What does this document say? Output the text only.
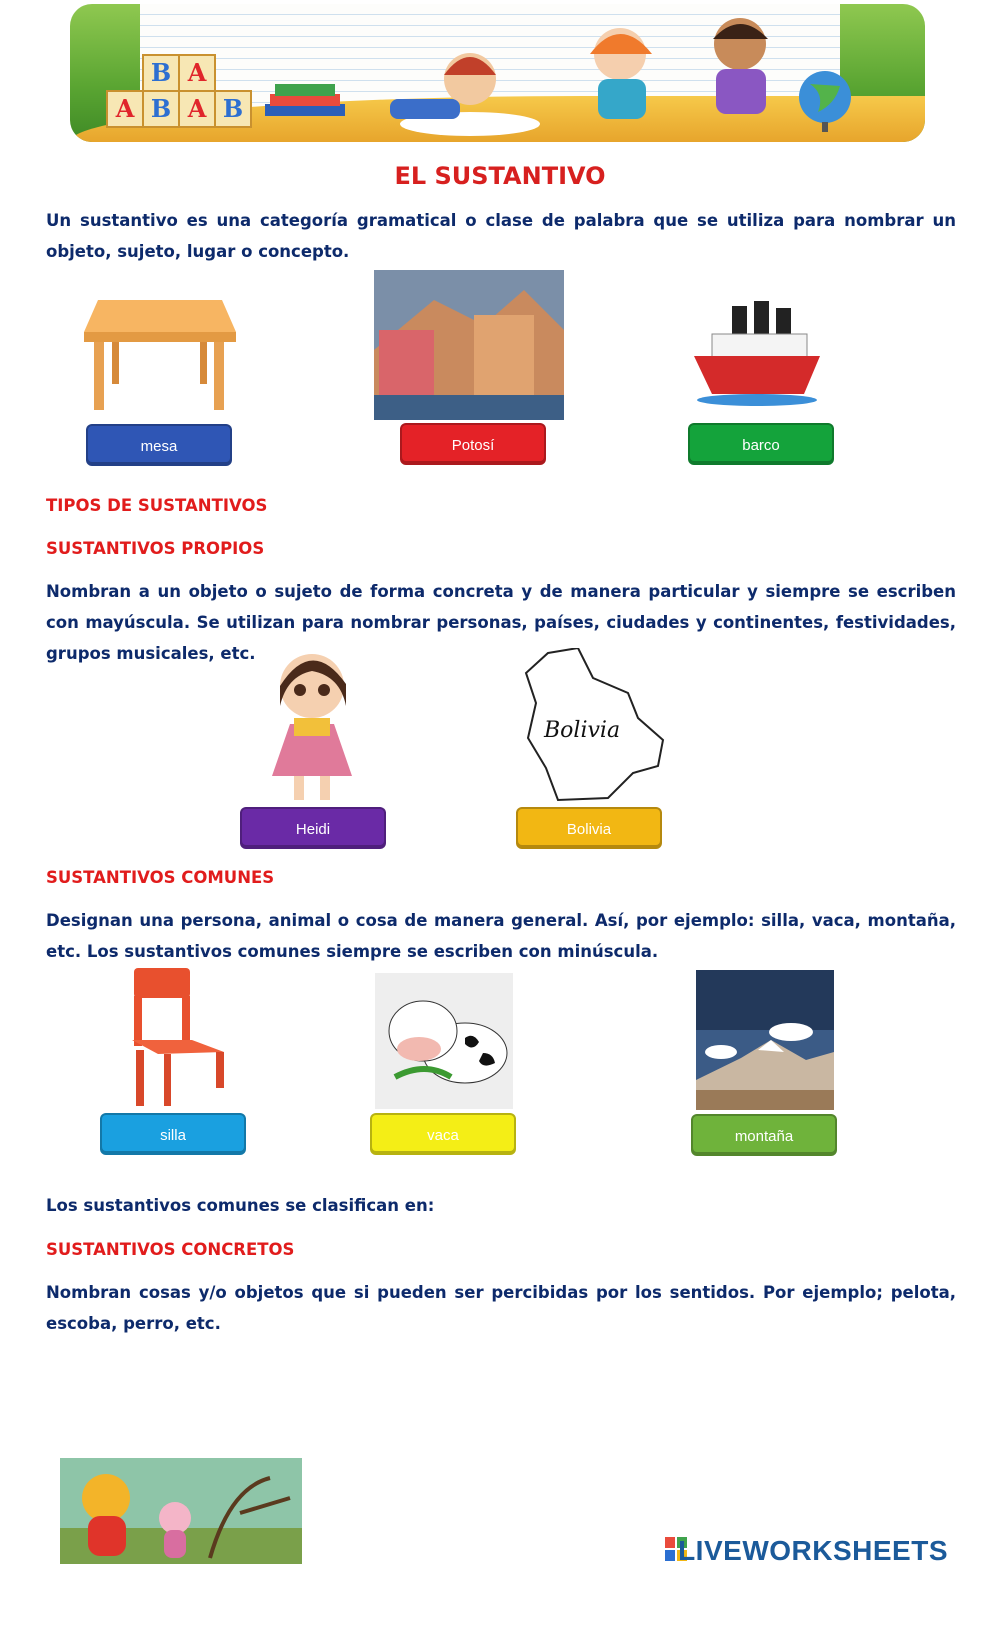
B A
A B A B
EL SUSTANTIVO
Un sustantivo es una categoría gramatical o clase de palabra que se utiliza para nombrar un objeto, sujeto, lugar o concepto.
mesa	Potosí	barco
TIPOS DE SUSTANTIVOS
SUSTANTIVOS PROPIOS
Nombran a un objeto o sujeto de forma concreta y de manera particular y siempre se escriben con mayúscula. Se utilizan para nombrar personas, países, ciudades y continentes, festividades, grupos musicales, etc.
Bolivia
Heidi	Bolivia
SUSTANTIVOS COMUNES
Designan una persona, animal o cosa de manera general. Así, por ejemplo: silla, vaca, montaña, etc. Los sustantivos comunes siempre se escriben con minúscula.
silla	vaca	montaña
Los sustantivos comunes se clasifican en:
SUSTANTIVOS CONCRETOS
Nombran cosas y/o objetos que si pueden ser percibidas por los sentidos. Por ejemplo; pelota, escoba, perro, etc.
LIVEWORKSHEETS
